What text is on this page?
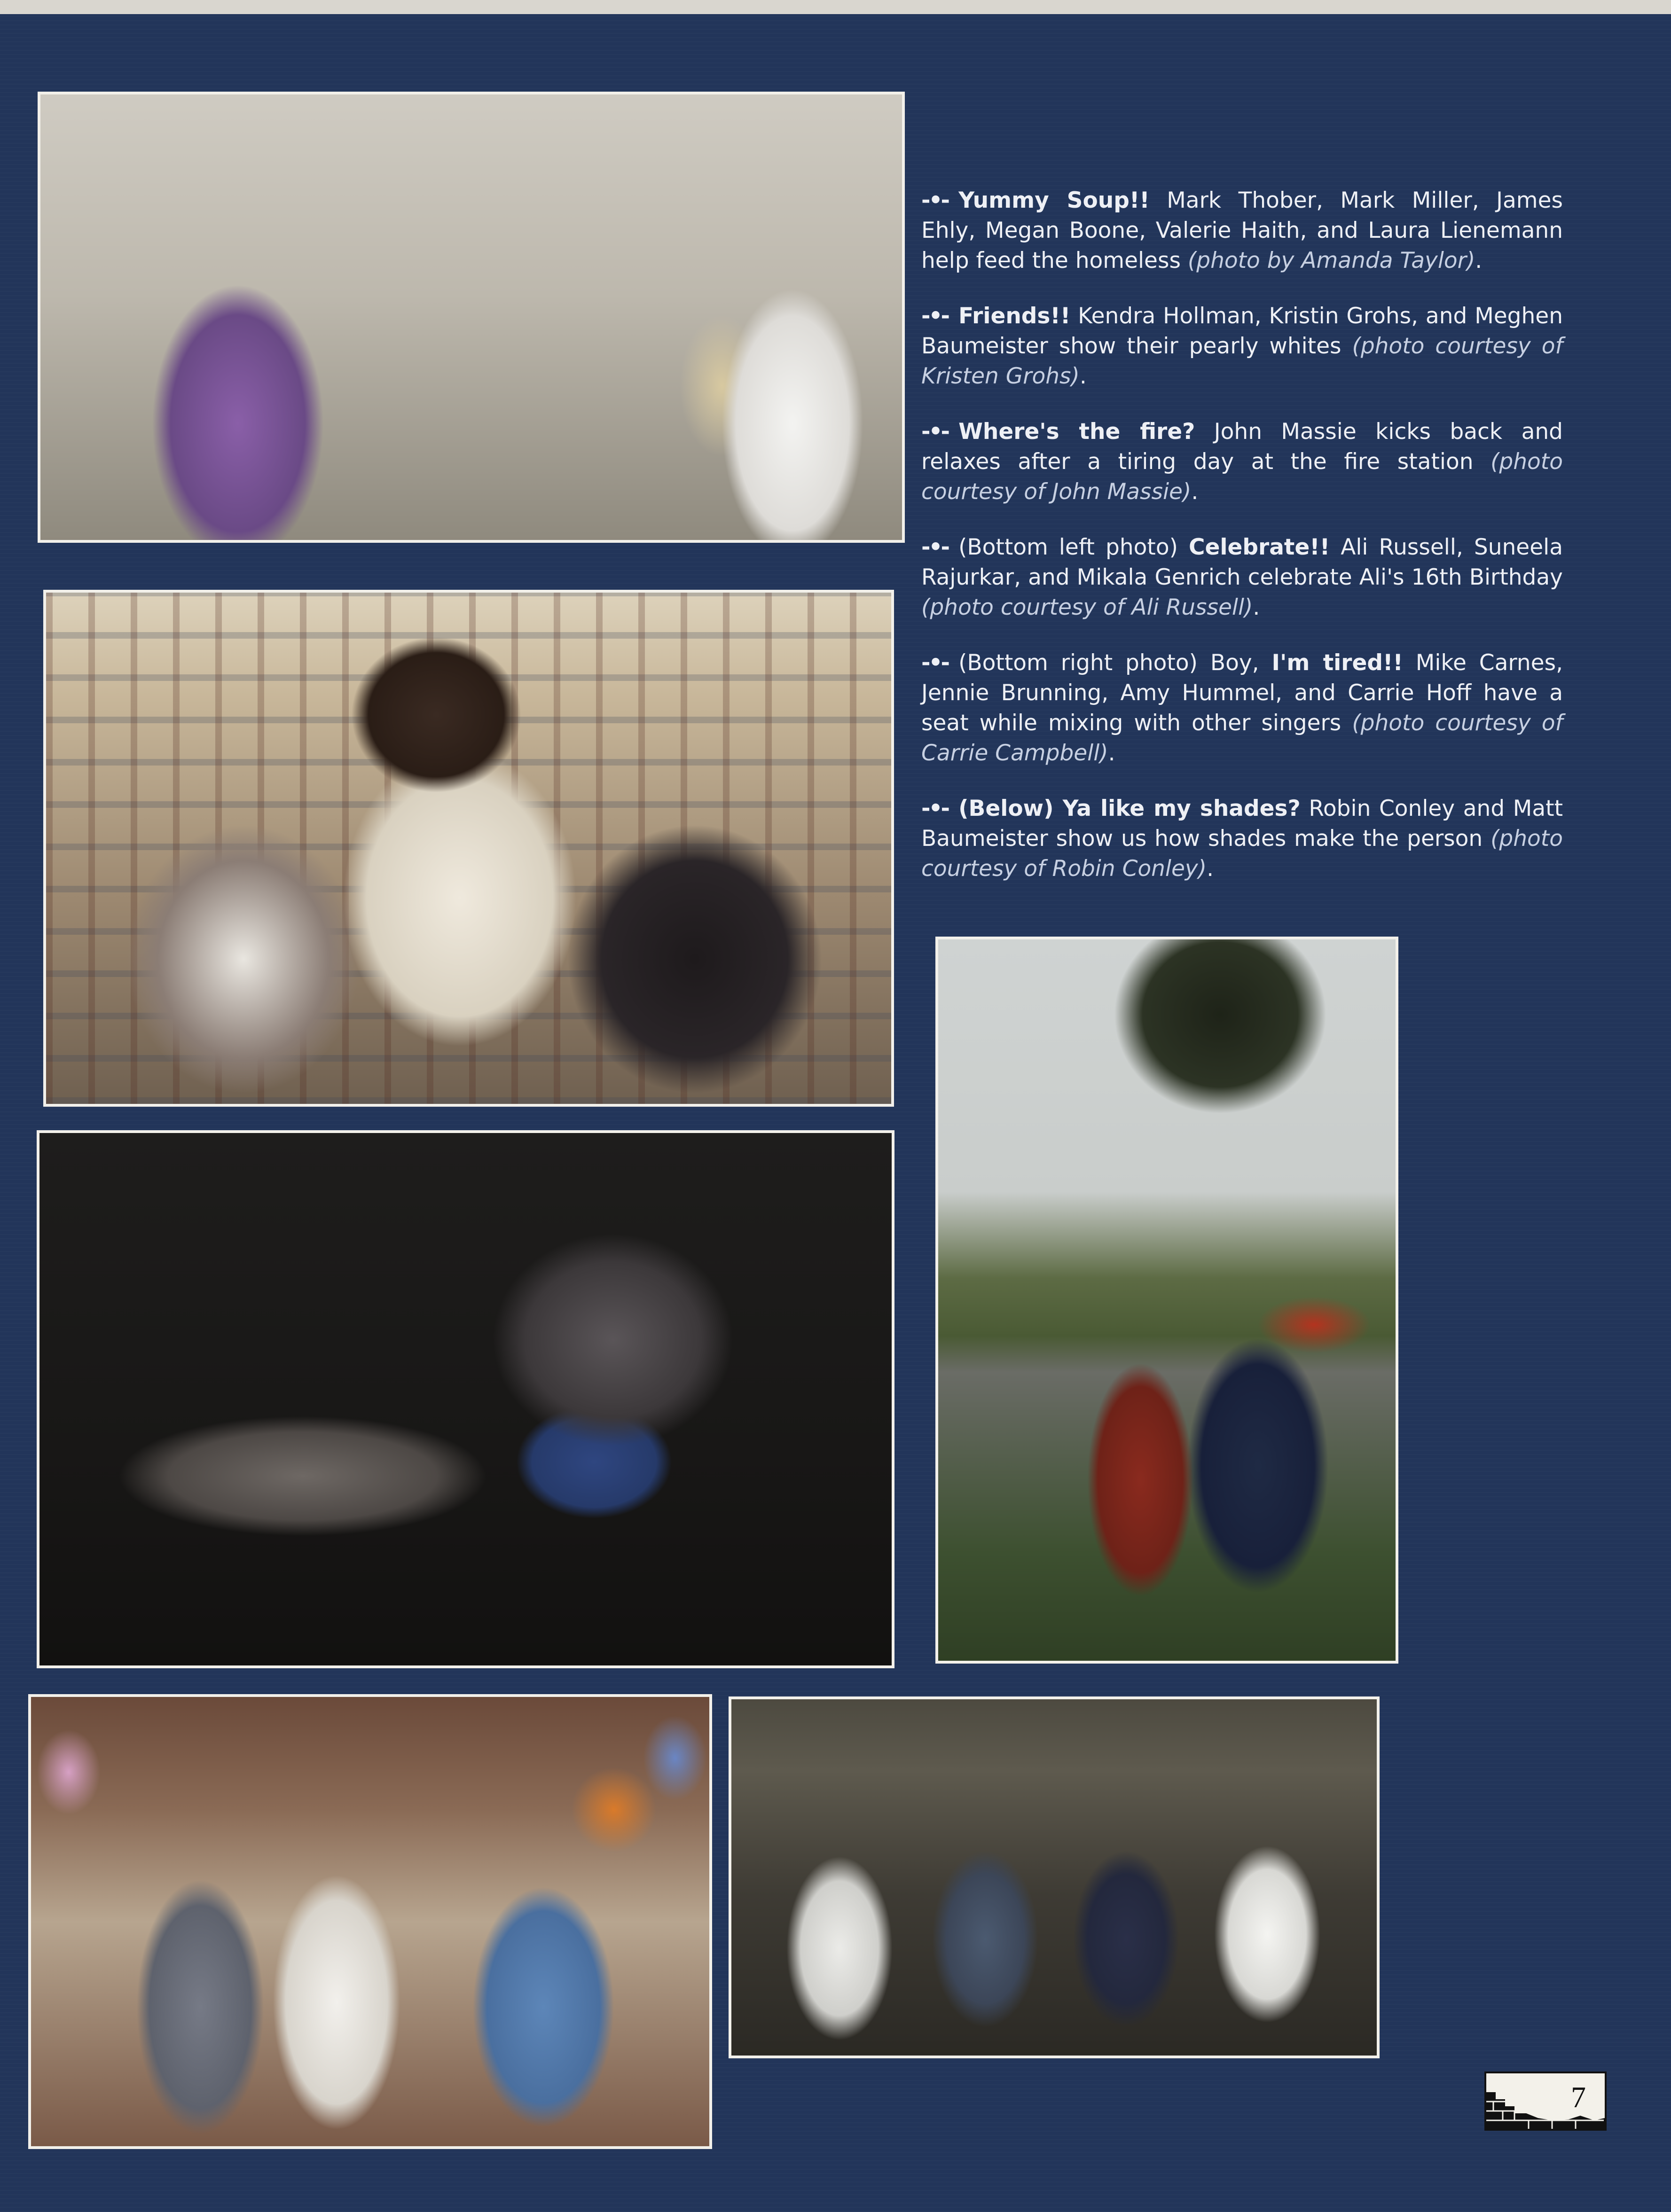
-•- Yummy Soup!! Mark Thober, Mark Miller, James Ehly, Megan Boone, Valerie Haith, and Laura Lienemann help feed the homeless (photo by Amanda Taylor).

-•- Friends!! Kendra Hollman, Kristin Grohs, and Meghen Baumeister show their pearly whites (photo courtesy of Kristen Grohs).

-•- Where's the fire? John Massie kicks back and relaxes after a tiring day at the fire station (photo courtesy of John Massie).

-•- (Bottom left photo) Celebrate!! Ali Russell, Suneela Rajurkar, and Mikala Genrich celebrate Ali's 16th Birthday (photo courtesy of Ali Russell).

-•- (Bottom right photo) Boy, I'm tired!! Mike Carnes, Jennie Brunning, Amy Hummel, and Carrie Hoff have a seat while mixing with other singers (photo courtesy of Carrie Campbell).

-•- (Below) Ya like my shades? Robin Conley and Matt Baumeister show us how shades make the person (photo courtesy of Robin Conley).

7
